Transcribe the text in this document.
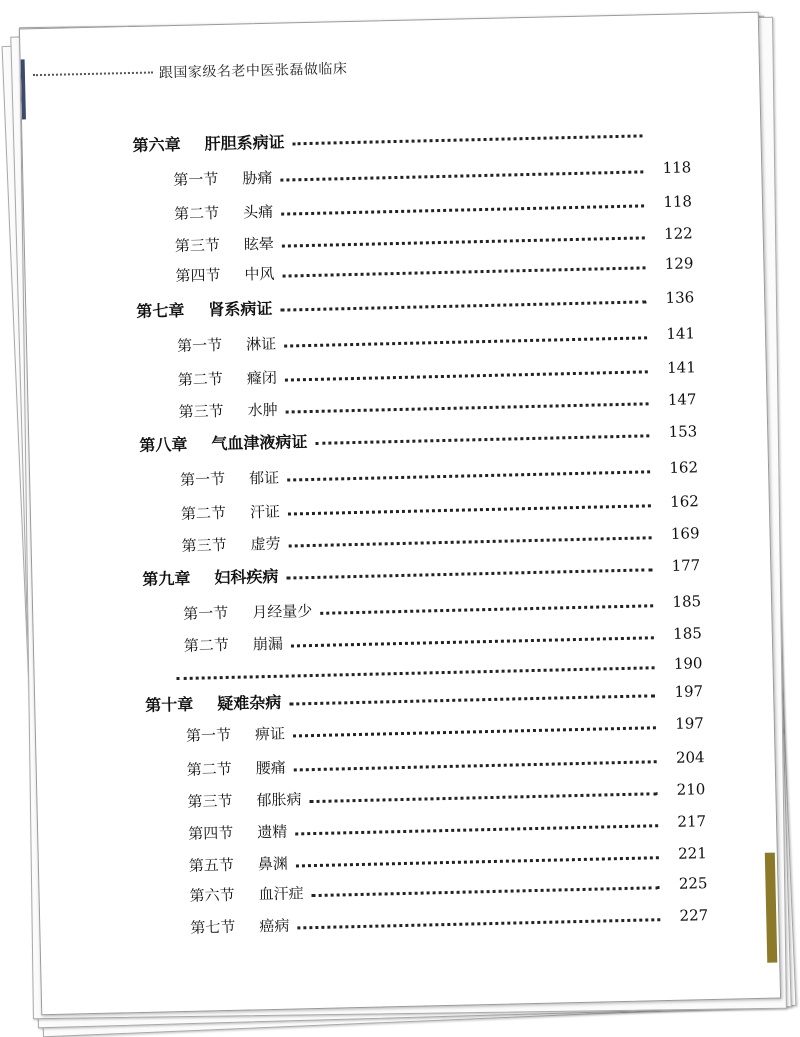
跟国家级名老中医张磊做临床
第六章 肝胆系病证
第一节 胁痛
118
第二节 头痛
118
第三节 眩晕
122
第四节 中风
129
第七章 肾系病证
136
第一节 淋证
141
第二节 癃闭
141
第三节 水肿
147
第八章 气血津液病证
153
第一节 郁证
162
第二节 汗证
162
第三节 虚劳
169
第九章 妇科疾病
177
第一节 月经量少
185
第二节 崩漏
185
190
第十章 疑难杂病
197
第一节 痹证
197
第二节 腰痛
204
第三节 郁胀病
210
第四节 遗精
217
第五节 鼻渊
221
第六节 血汗症
225
第七节 癌病
227
